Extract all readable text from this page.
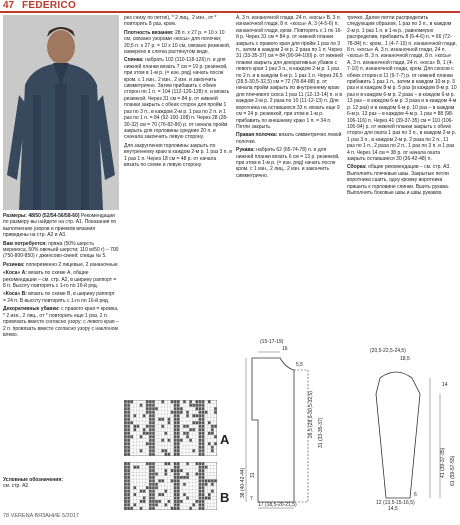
47 FEDERICO

Размеры: 48/50 (52/54-56/58-60) Рекомендации по размеру вы найдете на стр. А1. Показания по выполнению узоров и приемов вязания приведены на стр. А2 и А3.

Вам потребуется: пряжа (50% шерсть мериноса, 50% овечьей шерсти; 110 м/50 г) – 700 (750-800-850) г джинсово-синей; спицы № 5.

Резинка: попеременно 2 лицевые, 2 изнаночные.

«Коса» А: вязать по схеме А, общие рекомендации – см. стр. А2, в ширину раппорт = 8 п. Высоту повторять с 1-го по 16-й ряд.

«Коса» В: вязать по схеме В, в ширину раппорт = 24 п. В высоту повторять с 1-го по 16-й ряд.

Декоративные убавки: с правого края = кромка, * 2 изн., 2 лиц., от * повторить еще 1 раз, 2 п. провязать вместе согласно узору; с левого края – 2 п. провязать вместе согласно узору с наклоном влево.

Условные обозначения: см. стр. А2.

рез снизу по петле), * 2 лиц., 2 изн., от * повторить 8 раз, кром.

Плотность вязания: 28 п. x 27 р. = 10 x 10 см, связано узорами «косы» для полочки; 20,5 п. x 27 р. = 10 x 10 см, связано резинкой, измерено в слегка растянутом виде.

Спинка: набрать 102 (110-118-126) п. и для нижней планки вязать 7 см = 19 р. резинкой, при этом в 1-м р. (= изн. ряд) начать после кром. с 1 изн., 2 изн., 2 изн. и закончить симметрично. Затем прибавить с обеих сторон по 1 п. = 104 (112-120-128) п. и вязать резинкой. Через 31 см = 84 р. от нижней планки закрыть с обеих сторон для пройм 1 раз по 3 п., в каждом 2-м р. 1 раз по 2 п. и 1 раз по 1 п. = 84 (92-100-108) п. Через 28 (28-30-32) см = 70 (76-82-86) р. от начала пройм закрыть для горловины средние 20 п. и сначала закончить левую сторону.

Для закругления горловины закрыть по внутреннему краю в каждом 2-м р. 1 раз 3 п. и 1 раз 1 п. Через 18 см = 48 р. от начала вязать по схеме и левую сторону.

А, 3 п. изнаночной глади, 24 п. «косы» В, 3 п. изнаночной глади, 8 п. «косы» А, 3 (4-5-6) п. изнаночной глади, кром. Повторять с 1 по 16-й р. Через 31 см = 84 р. от нижней планки закрыть с правого края для пройм 1 раз по 3 п., затем в каждом 2-м р. 2 раза по 1 п. Через 31 (33-35-37) см = 84 (90-94-100) р. от нижней планки закрыть для декоративных убавок с левого края 1 раз 3 п., в каждом 2-м р. 1 раз по 2 п. и в каждом 6-м р. 1 раз 1 п. Через 26,5 (28,5-30,5-32,5) см = 72 (78-84-88) р. от начала пройм закрыть по внутреннему краю для плечевого скоса 1 раз 11 (12-13-14) п. и в каждом 2-м р. 2 раза по 10 (11-12-13) п. Для воротника на оставшихся 33 п. вязать еще 9 см = 24 р. резинкой, при этом в 1-м р. прибавить по внешнему краю 1 п. = 34 п. Петли закрыть.

Правая полочка: вязать симметрично левой полочке.

Рукава: набрать 62 (65-74-78) п. и для нижней планки вязать 6 см = 13 р. резинкой, при этом в 1-м р. (= изн. ряд) начать после кром. с 1 изн., 2 лиц., 2 изн. и закончить симметрично.

тричко. Далее петли распределить следующим образом, 1 раз по 3 п., в каждом 2-м р. 1 раз 1 п. в 1-м р., равномерно распределив, прибавить 8 (6-4-6) п. = 66 (72-78-84) п.: кром., 1 (4-7-10) п. изнаночной глади, 8 п. «косы» А, 3 п. изнаночной глади, 24 п. «косы» В, 3 п. изнаночной глади, 8 п. «косы» А, 3 п. изнаночной глади, 24 п. «коса» В, 1 (4-7-10) п. изнаночной глади, кром. Для скосов с обеих сторон в 11 (9-7-7) р. от нижней планки прибавить 1 раз 1 п., затем в каждом 10-м р. 5 раз и в каждом 8-м р. 5 раз (в каждом 8-м р. 10 раз и в каждом 6-м р. 2 раза – в каждом 6-м р. 13 раз – в каждом 6-м р. 3 раза и в каждом 4-м р. 12 раз) и в каждом 6-м р. 10 раз – в каждом 6-м р. 13 раз – в каждом 4-м р. 1 раз = 88 (98-106-116) п. Через 41 (39-37-35) см = 110 (106-100-94) р. от нижней планки закрыть с обеих сторон для оката 1 раз по 3 п., в каждом 2-м р. 1 раз 3 п., в каждом 2-м р. 2 раза по 2 п., 11 раз по 1 п., 2 раза по 2 п., 1 раз по 3 п. и 1 раз 4 п. Через 14 см = 38 р. от начала оката закрыть оставшиеся 30 (36-42-48) п.

Сборка: общие рекомендации – см. стр. А3. Выполнить плечевые швы. Закрытые петли воротника сшить, одну кромку воротника пришить к горловине спинки. Вшить рукава. Выполнить боковые швы и швы рукавов.

A
B
(15-17-19)
16
5,5
26,5 (28,5-30,5-32,5) 31 (33-35-37)
38 (40-42-44) 31
7
17 (18,5-20-21,5)
(20,5-22,5-24,5)
18,5
61 (59-57-55)
41 (39-37-35)
14
12 (13,5-15-16,5)
14,5
6
78 VERENA ВЯЗАНИЕ 5/2017
